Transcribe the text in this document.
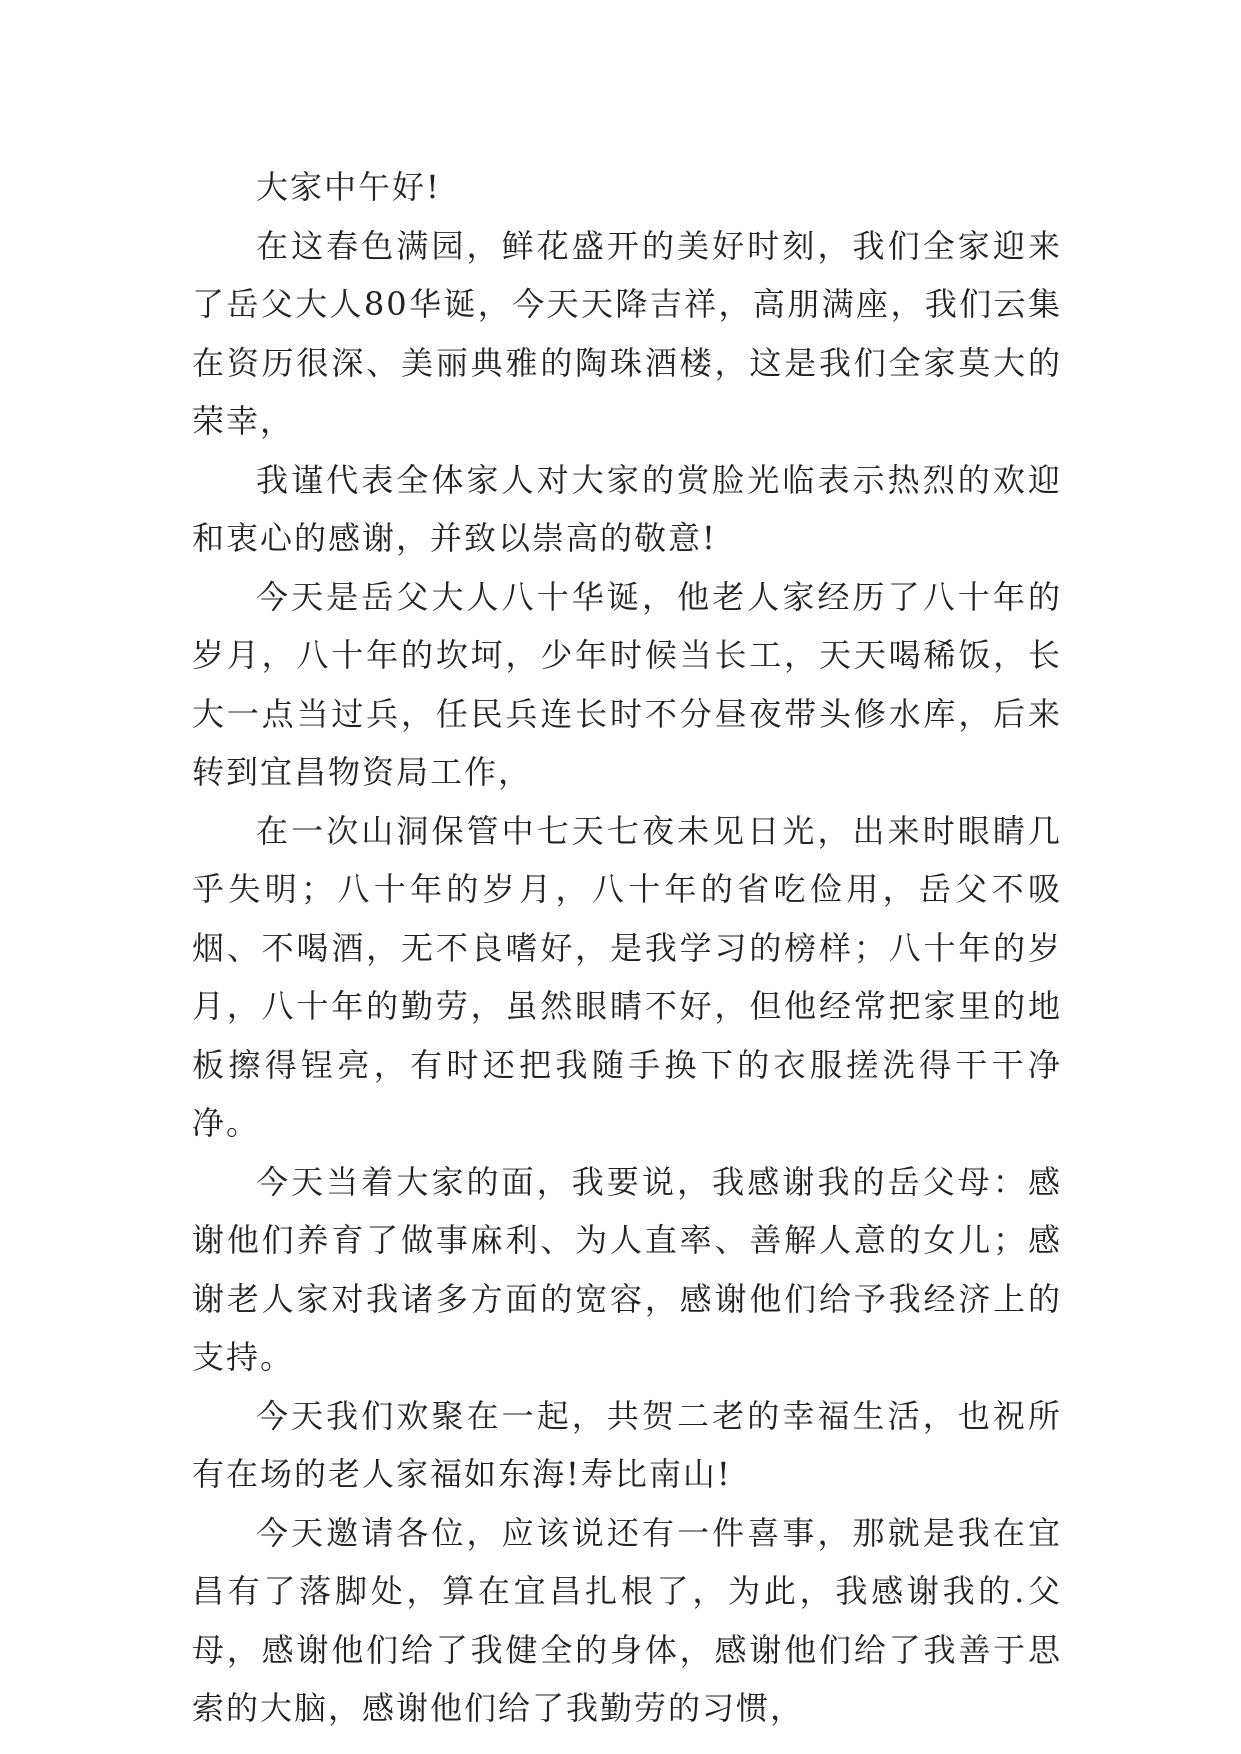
大家中午好!

在这春色满园，鲜花盛开的美好时刻，我们全家迎来了岳父大人80华诞，今天天降吉祥，高朋满座，我们云集在资历很深、美丽典雅的陶珠酒楼，这是我们全家莫大的荣幸，

我谨代表全体家人对大家的赏脸光临表示热烈的欢迎和衷心的感谢，并致以崇高的敬意!

今天是岳父大人八十华诞，他老人家经历了八十年的岁月，八十年的坎坷，少年时候当长工，天天喝稀饭，长大一点当过兵，任民兵连长时不分昼夜带头修水库，后来转到宜昌物资局工作，

在一次山洞保管中七天七夜未见日光，出来时眼睛几乎失明；八十年的岁月，八十年的省吃俭用，岳父不吸烟、不喝酒，无不良嗜好，是我学习的榜样；八十年的岁月，八十年的勤劳，虽然眼睛不好，但他经常把家里的地板擦得锃亮，有时还把我随手换下的衣服搓洗得干干净净。

今天当着大家的面，我要说，我感谢我的岳父母：感谢他们养育了做事麻利、为人直率、善解人意的女儿；感谢老人家对我诸多方面的宽容，感谢他们给予我经济上的支持。

今天我们欢聚在一起，共贺二老的幸福生活，也祝所有在场的老人家福如东海!寿比南山!

今天邀请各位，应该说还有一件喜事，那就是我在宜昌有了落脚处，算在宜昌扎根了，为此，我感谢我的.父母，感谢他们给了我健全的身体，感谢他们给了我善于思索的大脑，感谢他们给了我勤劳的习惯，
